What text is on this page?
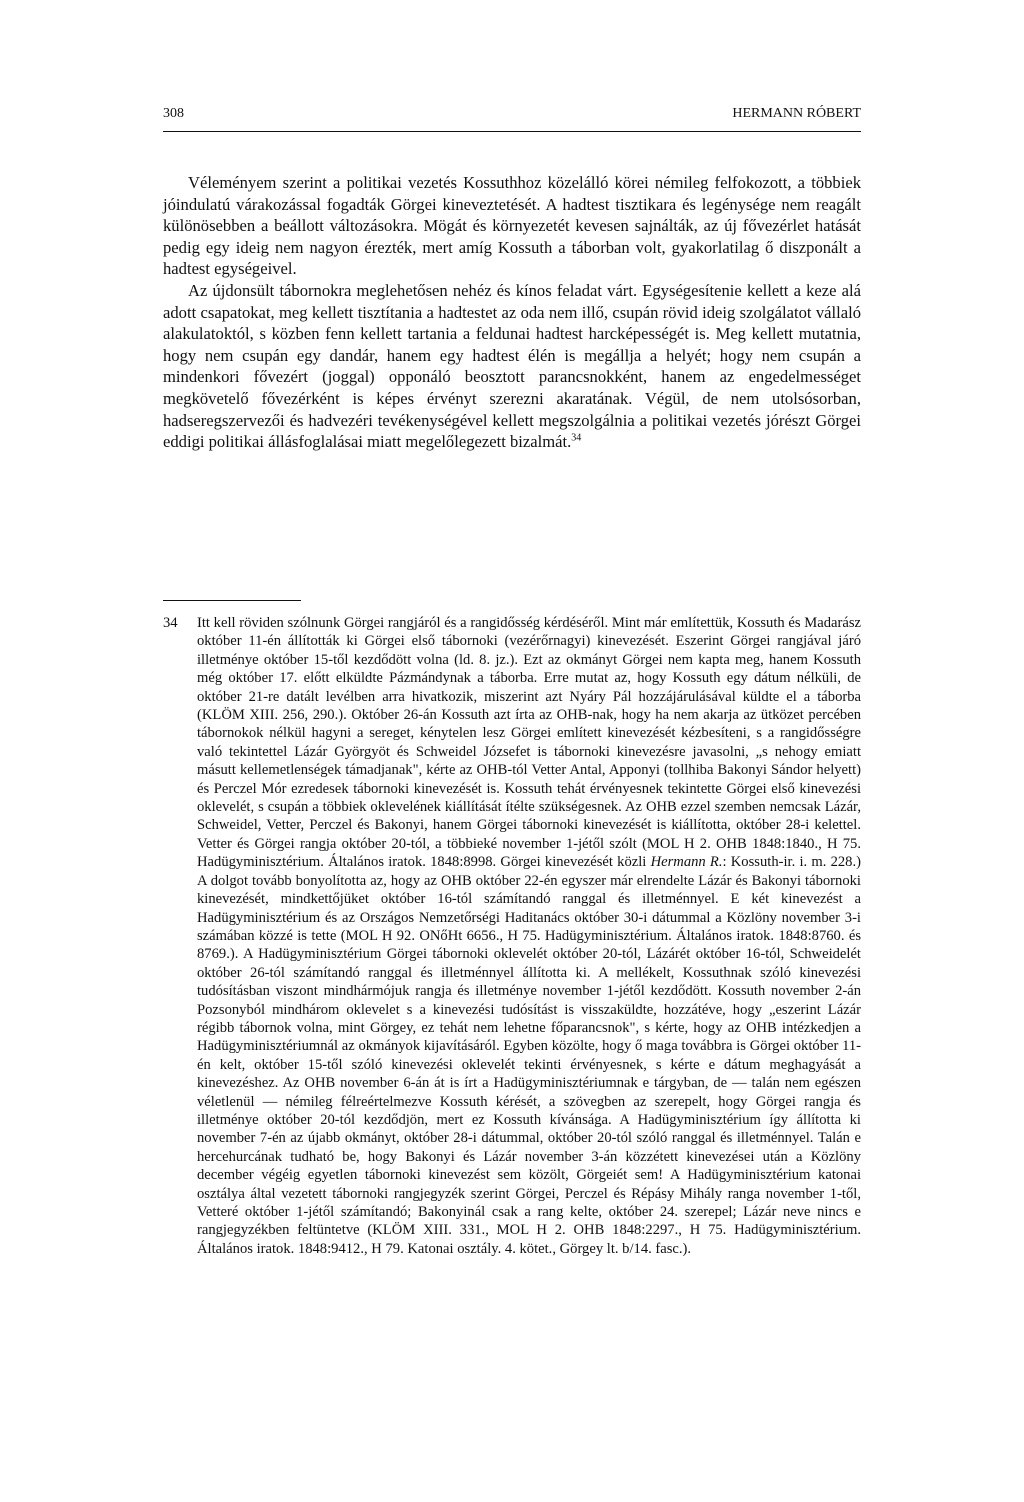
308	HERMANN RÓBERT

Véleményem szerint a politikai vezetés Kossuthhoz közelálló körei némileg felfokozott, a többiek jóindulatú várakozással fogadták Görgei kineveztetését. A hadtest tisztikara és legénysége nem reagált különösebben a beállott változásokra. Mögát és környezetét kevesen sajnálták, az új fővezérlet hatását pedig egy ideig nem nagyon érezték, mert amíg Kossuth a táborban volt, gyakorlatilag ő diszponált a hadtest egységeivel.

Az újdonsült tábornokra meglehetősen nehéz és kínos feladat várt. Egységesítenie kellett a keze alá adott csapatokat, meg kellett tisztítania a hadtestet az oda nem illő, csupán rövid ideig szolgálatot vállaló alakulatoktól, s közben fenn kellett tartania a feldunai hadtest harcképességét is. Meg kellett mutatnia, hogy nem csupán egy dandár, hanem egy hadtest élén is megállja a helyét; hogy nem csupán a mindenkori fővezért (joggal) opponáló beosztott parancsnokként, hanem az engedelmességet megkövetelő fővezérként is képes érvényt szerezni akaratának. Végül, de nem utolsósorban, hadseregszervezői és hadvezéri tevékenységével kellett megszolgálnia a politikai vezetés jórészt Görgei eddigi politikai állásfoglalásai miatt megelőlegezett bizalmát.$^{34}$

34	Itt kell röviden szólnunk Görgei rangjáról és a rangidősség kérdéséről. Mint már említettük, Kossuth és Madarász október 11-én állították ki Görgei első tábornoki (vezérőrnagyi) kinevezését. Eszerint Görgei rangjával járó illetménye október 15-től kezdődött volna (ld. 8. jz.). Ezt az okmányt Görgei nem kapta meg, hanem Kossuth még október 17. előtt elküldte Pázmándynak a táborba. Erre mutat az, hogy Kossuth egy dátum nélküli, de október 21-re datált levélben arra hivatkozik, miszerint azt Nyáry Pál hozzájárulásával küldte el a táborba (KLÖM XIII. 256, 290.). Október 26-án Kossuth azt írta az OHB-nak, hogy ha nem akarja az ütközet percében tábornokok nélkül hagyni a sereget, kénytelen lesz Görgei említett kinevezését kézbesíteni, s a rangidősségre való tekintettel Lázár Györgyöt és Schweidel Józsefet is tábornoki kinevezésre javasolni, „s nehogy emiatt másutt kellemetlenségek támadjanak", kérte az OHB-tól Vetter Antal, Apponyi (tollhiba Bakonyi Sándor helyett) és Perczel Mór ezredesek tábornoki kinevezését is. Kossuth tehát érvényesnek tekintette Görgei első kinevezési oklevelét, s csupán a többiek oklevelének kiállítását ítélte szükségesnek. Az OHB ezzel szemben nemcsak Lázár, Schweidel, Vetter, Perczel és Bakonyi, hanem Görgei tábornoki kinevezését is kiállította, október 28-i kelettel. Vetter és Görgei rangja október 20-tól, a többieké november 1-jétől szólt (MOL H 2. OHB 1848:1840., H 75. Hadügyminisztérium. Általános iratok. 1848:8998. Görgei kinevezését közli Hermann R.: Kossuth-ir. i. m. 228.) A dolgot tovább bonyolította az, hogy az OHB október 22-én egyszer már elrendelte Lázár és Bakonyi tábornoki kinevezését, mindkettőjüket október 16-tól számítandó ranggal és illetménnyel. E két kinevezést a Hadügyminisztérium és az Országos Nemzetőrségi Haditanács október 30-i dátummal a Közlöny november 3-i számában közzé is tette (MOL H 92. ONőHt 6656., H 75. Hadügyminisztérium. Általános iratok. 1848:8760. és 8769.). A Hadügyminisztérium Görgei tábornoki oklevelét október 20-tól, Lázárét október 16-tól, Schweidelét október 26-tól számítandó ranggal és illetménnyel állította ki. A mellékelt, Kossuthnak szóló kinevezési tudósításban viszont mindhármójuk rangja és illetménye november 1-jétől kezdődött. Kossuth november 2-án Pozsonyból mindhárom oklevelet s a kinevezési tudósítást is visszaküldte, hozzátéve, hogy „eszerint Lázár régibb tábornok volna, mint Görgey, ez tehát nem lehetne főparancsnok", s kérte, hogy az OHB intézkedjen a Hadügyminisztériumnál az okmányok kijavításáról. Egyben közölte, hogy ő maga továbbra is Görgei október 11-én kelt, október 15-től szóló kinevezési oklevelét tekinti érvényesnek, s kérte e dátum meghagyását a kinevezéshez. Az OHB november 6-án át is írt a Hadügyminisztériumnak e tárgyban, de — talán nem egészen véletlenül — némileg félreértelmezve Kossuth kérését, a szövegben az szerepelt, hogy Görgei rangja és illetménye október 20-tól kezdődjön, mert ez Kossuth kívánsága. A Hadügyminisztérium így állította ki november 7-én az újabb okmányt, október 28-i dátummal, október 20-tól szóló ranggal és illetménnyel. Talán e hercehurcának tudható be, hogy Bakonyi és Lázár november 3-án közzétett kinevezései után a Közlöny december végéig egyetlen tábornoki kinevezést sem közölt, Görgeiét sem! A Hadügyminisztérium katonai osztálya által vezetett tábornoki rangjegyzék szerint Görgei, Perczel és Répásy Mihály ranga november 1-től, Vetteré október 1-jétől számítandó; Bakonyinál csak a rang kelte, október 24. szerepel; Lázár neve nincs e rangjegyzékben feltüntetve (KLÖM XIII. 331., MOL H 2. OHB 1848:2297., H 75. Hadügyminisztérium. Általános iratok. 1848:9412., H 79. Katonai osztály. 4. kötet., Görgey lt. b/14. fasc.).
